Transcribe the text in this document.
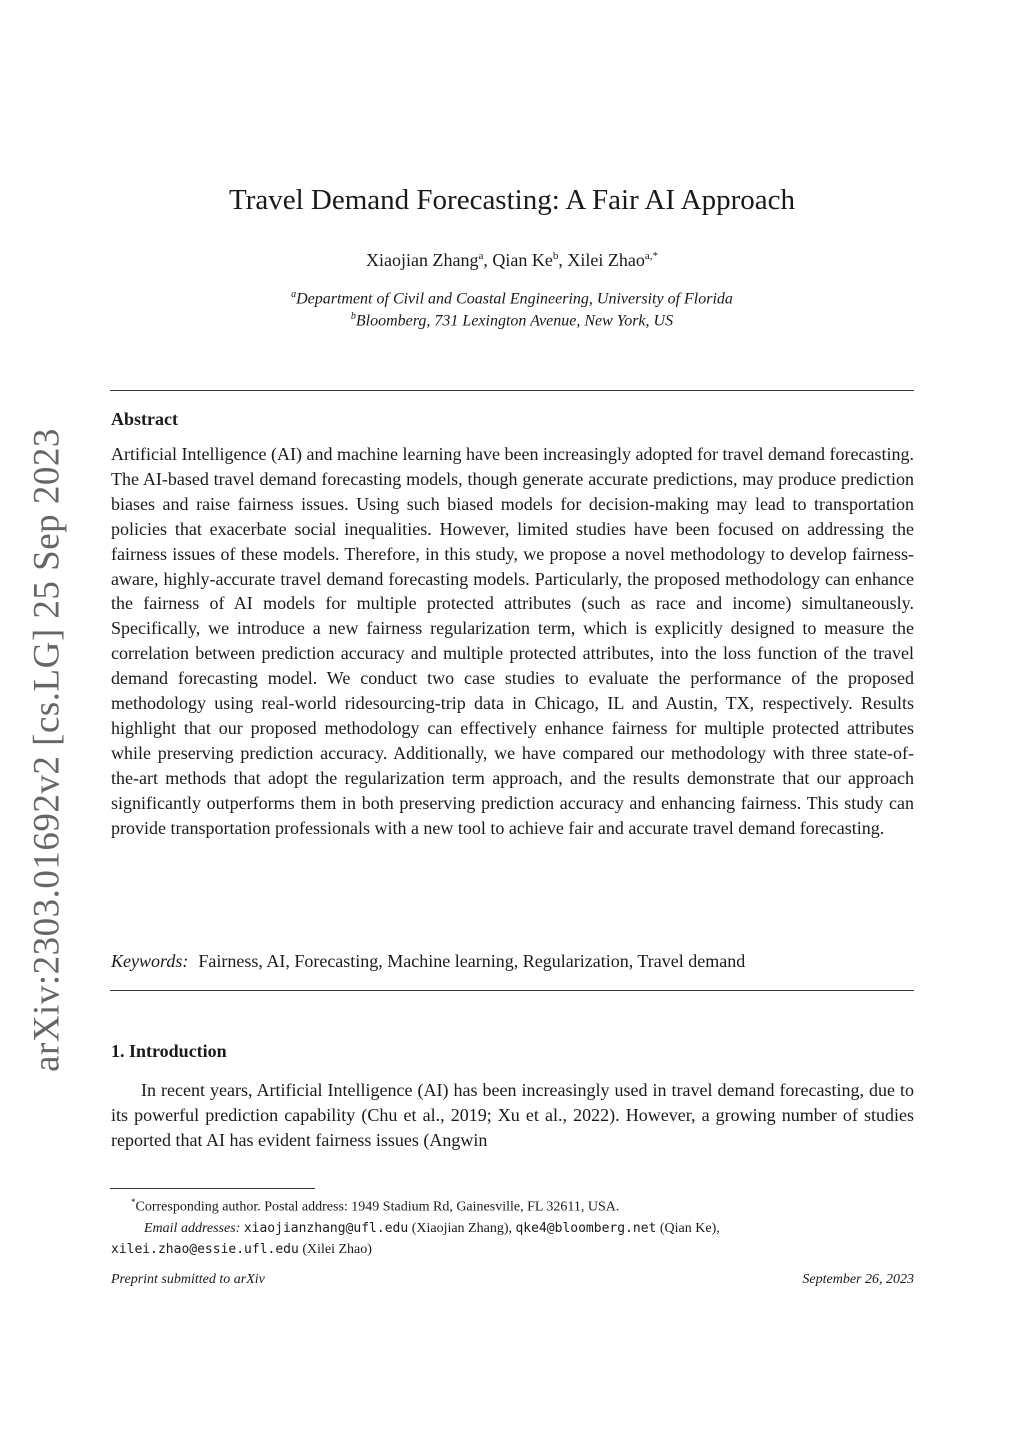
arXiv:2303.01692v2 [cs.LG] 25 Sep 2023
Travel Demand Forecasting: A Fair AI Approach
Xiaojian Zhang$^a$, Qian Ke$^b$, Xilei Zhao$^{a,*}$
$^a$Department of Civil and Coastal Engineering, University of Florida
$^b$Bloomberg, 731 Lexington Avenue, New York, US
Abstract
Artificial Intelligence (AI) and machine learning have been increasingly adopted for travel demand forecasting. The AI-based travel demand forecasting models, though generate accurate predictions, may produce prediction biases and raise fairness issues. Using such biased models for decision-making may lead to transportation policies that exacerbate social inequalities. However, limited studies have been focused on addressing the fairness issues of these models. Therefore, in this study, we propose a novel methodology to develop fairness-aware, highly-accurate travel demand forecasting models. Particularly, the proposed methodology can enhance the fairness of AI models for multiple protected attributes (such as race and income) simultaneously. Specifically, we introduce a new fairness regularization term, which is explicitly designed to measure the correlation between prediction accuracy and multiple protected attributes, into the loss function of the travel demand forecasting model. We conduct two case studies to evaluate the performance of the proposed methodology using real-world ridesourcing-trip data in Chicago, IL and Austin, TX, respectively. Results highlight that our proposed methodology can effectively enhance fairness for multiple protected attributes while preserving prediction accuracy. Additionally, we have compared our methodology with three state-of-the-art methods that adopt the regularization term approach, and the results demonstrate that our approach significantly outperforms them in both preserving prediction accuracy and enhancing fairness. This study can provide transportation professionals with a new tool to achieve fair and accurate travel demand forecasting.
Keywords: Fairness, AI, Forecasting, Machine learning, Regularization, Travel demand
1. Introduction
In recent years, Artificial Intelligence (AI) has been increasingly used in travel demand forecasting, due to its powerful prediction capability (Chu et al., 2019; Xu et al., 2022). However, a growing number of studies reported that AI has evident fairness issues (Angwin
*Corresponding author. Postal address: 1949 Stadium Rd, Gainesville, FL 32611, USA.
Email addresses: xiaojianzhang@ufl.edu (Xiaojian Zhang), qke4@bloomberg.net (Qian Ke),
xilei.zhao@essie.ufl.edu (Xilei Zhao)
Preprint submitted to arXiv	September 26, 2023
